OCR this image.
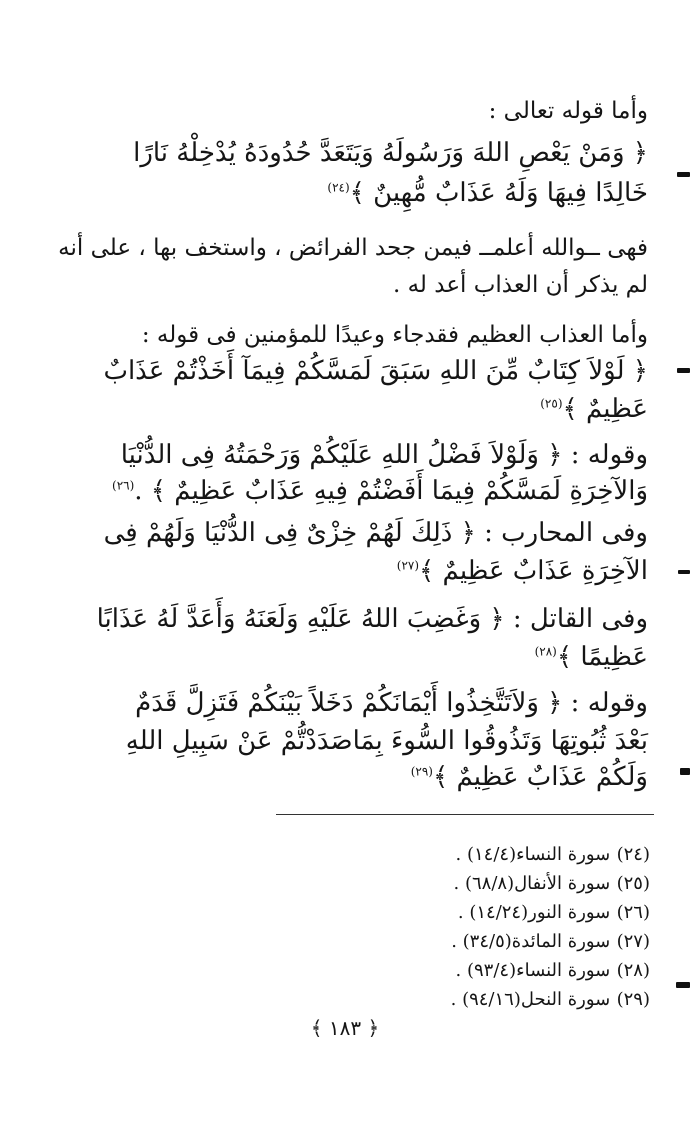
وأما قوله تعالى :

﴿ وَمَنْ يَعْصِ اللهَ وَرَسُولَهُ وَيَتَعَدَّ حُدُودَهُ يُدْخِلْهُ نَارًا

خَالِدًا فِيهَا وَلَهُ عَذَابٌ مُّهِينٌ ﴾$^{(٢٤)}$

فهى ــوالله أعلمــ فيمن جحد الفرائض ، واستخف بها ، على أنه

لم يذكر أن العذاب أعد له .

وأما العذاب العظيم فقدجاء وعيدًا للمؤمنين فى قوله :

﴿ لَوْلاَ كِتَابٌ مِّنَ اللهِ سَبَقَ لَمَسَّكُمْ فِيمَآ أَخَذْتُمْ عَذَابٌ

عَظِيمٌ ﴾$^{(٢٥)}$

وقوله : ﴿ وَلَوْلاَ فَضْلُ اللهِ عَلَيْكُمْ وَرَحْمَتُهُ فِى الدُّنْيَا

وَالآخِرَةِ لَمَسَّكُمْ فِيمَا أَفَضْتُمْ فِيهِ عَذَابٌ عَظِيمٌ ﴾ .$^{(٢٦)}$

وفى المحارب : ﴿ ذَلِكَ لَهُمْ خِزْىٌ فِى الدُّنْيَا وَلَهُمْ فِى

الآخِرَةِ عَذَابٌ عَظِيمٌ ﴾$^{(٢٧)}$

وفى القاتل : ﴿ وَغَضِبَ اللهُ عَلَيْهِ وَلَعَنَهُ وَأَعَدَّ لَهُ عَذَابًا

عَظِيمًا ﴾$^{(٢٨)}$

وقوله : ﴿ وَلاَتَتَّخِذُوا أَيْمَانَكُمْ دَخَلاً بَيْنَكُمْ فَتَزِلَّ قَدَمٌ

بَعْدَ ثُبُوتِهَا وَتَذُوقُوا السُّوءَ بِمَاصَدَدْتُّمْ عَنْ سَبِيلِ اللهِ

وَلَكُمْ عَذَابٌ عَظِيمٌ ﴾$^{(٢٩)}$

(٢٤) سورة النساء(١٤/٤) .
(٢٥) سورة الأنفال(٦٨/٨) .
(٢٦) سورة النور(١٤/٢٤) .
(٢٧) سورة المائدة(٣٤/٥) .
(٢٨) سورة النساء(٩٣/٤) .
(٢٩) سورة النحل(٩٤/١٦) .
﴿ ١٨٣ ﴾
